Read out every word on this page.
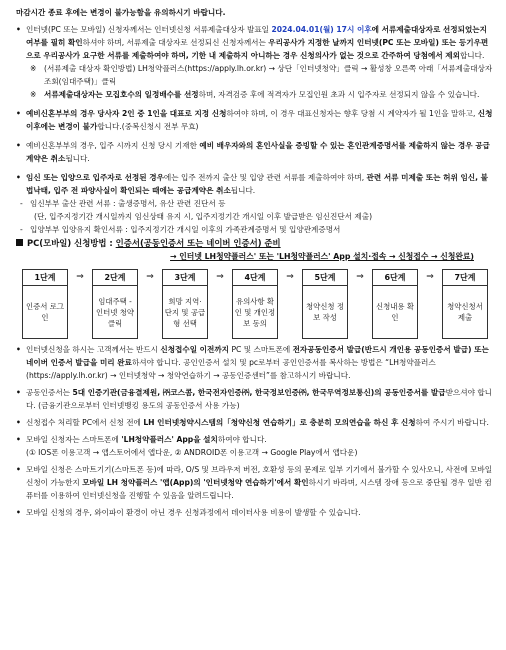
마감시간 종료 후에는 변경이 불가능함을 유의하시기 바랍니다.

• 인터넷(PC 또는 모바일) 신청자께서는 인터넷신청 서류제출대상자 발표일 2024.04.01(월) 17시 이후에 서류제출대상자로 선정되었는지 여부를 필히 확인하셔야 하며, 서류제출 대상자로 선정되신 신청자께서는 우리공사가 지정한 날까지 인터넷(PC 또는 모바일) 또는 등기우편으로 우리공사가 요구한 서류를 제출하여야 하며, 기한 내 제출하지 아니하는 경우 신청의사가 없는 것으로 간주하여 당첨에서 제외합니다.

※ (서류제출 대상자 확인방법) LH청약플러스(https://apply.lh.or.kr) → 상단「인터넷청약」클릭 → 활성창 오른쪽 아래「서류제출대상자 조회(임대주택)」클릭

※ 서류제출대상자는 모집호수의 일정배수를 선정하며, 자격검증 후에 적격자가 모집인원 초과 시 입주자로 선정되지 않을 수 있습니다.

• 예비신혼부부의 경우 당사자 2인 중 1인을 대표로 지정 신청하여야 하며, 이 경우 대표신청자는 향후 당첨 시 계약자가 될 1인을 말하고, 신청 이후에는 변경이 불가합니다.(중복신청시 전부 무효)

• 예비신혼부부의 경우, 입주 시까지 신청 당시 기재한 예비 배우자와의 혼인사실을 증빙할 수 있는 혼인관계증명서를 제출하지 않는 경우 공급계약은 취소됩니다.

• 임신 또는 입양으로 입주자로 선정된 경우에는 입주 전까지 출산 및 입양 관련 서류를 제출하여야 하며, 관련 서류 미제출 또는 허위 임신, 불법낙태, 입주 전 파양사실이 확인되는 때에는 공급계약은 취소됩니다.

- 임신부부 출산 관련 서류 : 출생증명서, 유산 관련 진단서 등

(단, 입주지정기간 개시일까지 임신상태 유지 시, 입주지정기간 개시일 이후 발급받은 임신진단서 제출)

- 입양부부 입양유지 확인서류 : 입주지정기간 개시일 이후의 가족관계증명서 및 입양관계증명서

PC(모바일) 신청방법 : 인증서(공동인증서 또는 네이버 인증서) 준비

→ 인터넷 LH청약플러스' 또는 'LH청약플러스' App 설치·접속 → 신청접수 → 신청완료)

1단계
인증서 로그인
⇒	2단계
임대주택 - 인터넷 청약 클릭
⇒	3단계
희망 지역· 단지 및 공급형 선택
⇒	4단계
유의사항 확인 및 개인정보 동의
⇒	5단계
청약신청 정보 작성
⇒	6단계
신청내용 확인
⇒	7단계
청약신청서 제출

• 인터넷신청을 하시는 고객께서는 반드시 신청접수일 이전까지 PC 및 스마트폰에 전자공동인증서 발급(반드시 개인용 공동인증서 발급) 또는 네이버 인증서 발급을 미리 완료하셔야 합니다. 공인인증서 설치 및 pc로부터 공인인증서를 복사하는 방법은 “LH청약플러스(https://apply.lh.or.kr) → 인터넷청약 → 청약연습하기 → 공동인증센터”를 참고하시기 바랍니다.

• 공동인증서는 5대 인증기관(금융결제원, ㈜코스콤, 한국전자인증㈜, 한국정보인증㈜, 한국무역정보통신)의 공동인증서를 발급받으셔야 합니다. (금융기관으로부터 인터넷뱅킹 용도의 공동인증서 사용 가능)

• 신청접수 처리할 PC에서 신청 전에 LH 인터넷청약시스템의「청약신청 연습하기」로 충분히 모의연습을 하신 후 신청하여 주시기 바랍니다.

• 모바일 신청자는 스마트폰에 'LH청약플러스' App을 설치하여야 합니다.

(① IOS폰 이용고객 → 앱스토어에서 앱다운, ② ANDROID폰 이용고객 → Google Play에서 앱다운)

• 모바일 신청은 스마트기기(스마트폰 등)에 따라, O/S 및 브라우저 버전, 호환성 등의 문제로 일부 기기에서 불가할 수 있사오니, 사전에 모바일 신청이 가능한지 모바일 LH 청약플러스 '앱(App)의 '인터넷청약 연습하기'에서 확인하시기 바라며, 시스템 장애 등으로 중단될 경우 일반 컴퓨터를 이용하여 인터넷신청을 진행할 수 있음을 알려드립니다.

• 모바일 신청의 경우, 와이파이 환경이 아닌 경우 신청과정에서 데이터사용 비용이 발생할 수 있습니다.
